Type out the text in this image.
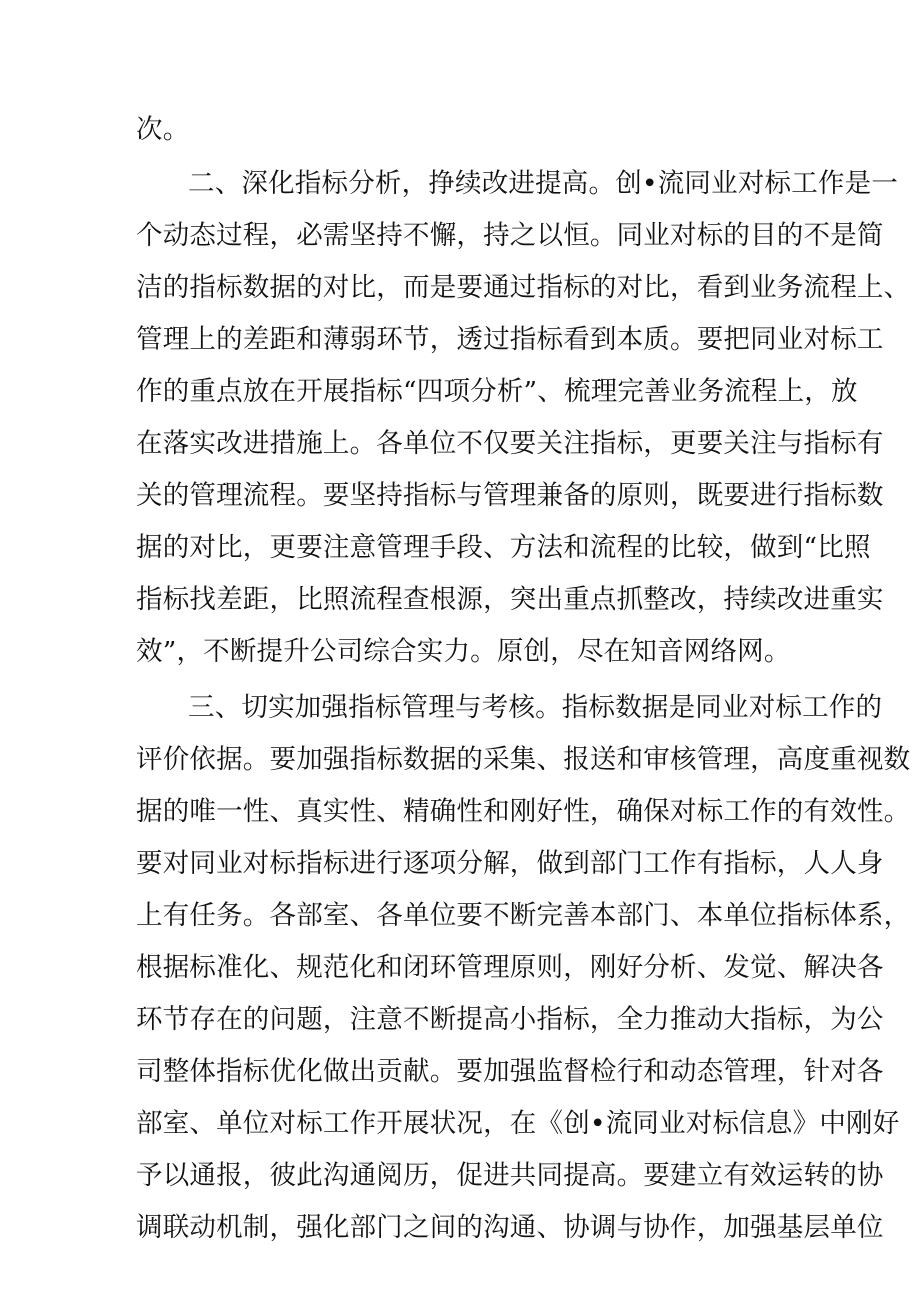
次。
二、深化指标分析，挣续改进提高。创•流同业对标工作是一
个动态过程，必需坚持不懈，持之以恒。同业对标的目的不是简
洁的指标数据的对比，而是要通过指标的对比，看到业务流程上、
管理上的差距和薄弱环节，透过指标看到本质。要把同业对标工
作的重点放在开展指标“四项分析”、梳理完善业务流程上，放
在落实改进措施上。各单位不仅要关注指标，更要关注与指标有
关的管理流程。要坚持指标与管理兼备的原则，既要进行指标数
据的对比，更要注意管理手段、方法和流程的比较，做到“比照
指标找差距，比照流程查根源，突出重点抓整改，持续改进重实
效”，不断提升公司综合实力。原创，尽在知音网络网。
三、切实加强指标管理与考核。指标数据是同业对标工作的
评价依据。要加强指标数据的采集、报送和审核管理，高度重视数
据的唯一性、真实性、精确性和刚好性，确保对标工作的有效性。
要对同业对标指标进行逐项分解，做到部门工作有指标，人人身
上有任务。各部室、各单位要不断完善本部门、本单位指标体系，
根据标准化、规范化和闭环管理原则，刚好分析、发觉、解决各
环节存在的问题，注意不断提高小指标，全力推动大指标，为公
司整体指标优化做出贡献。要加强监督检行和动态管理，针对各
部室、单位对标工作开展状况，在《创•流同业对标信息》中刚好
予以通报，彼此沟通阅历，促进共同提高。要建立有效运转的协
调联动机制，强化部门之间的沟通、协调与协作，加强基层单位
